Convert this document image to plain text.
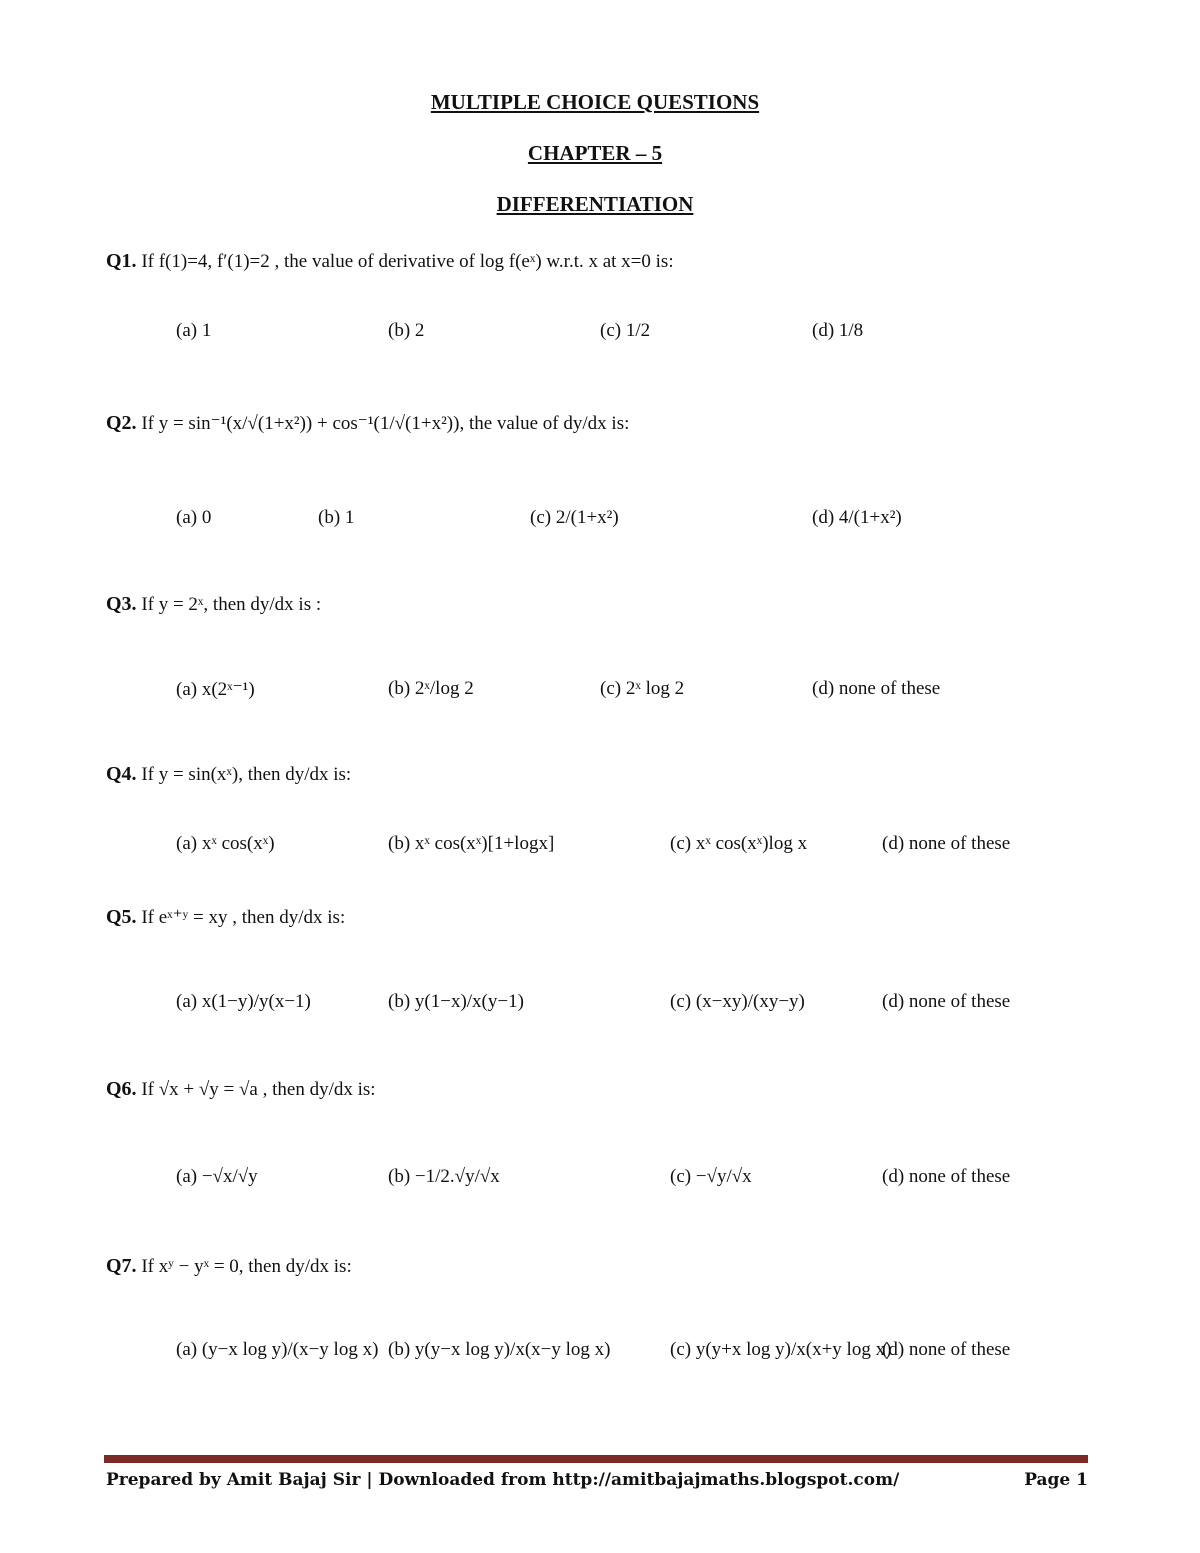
MULTIPLE CHOICE QUESTIONS
CHAPTER – 5
DIFFERENTIATION
Q1. If f(1)=4, f′(1)=2 , the value of derivative of log f(eˣ) w.r.t. x at x=0 is:
(a) 1	(b) 2	(c) 1/2	(d) 1/8
Q2. If y = sin⁻¹(x/√(1+x²)) + cos⁻¹(1/√(1+x²)), the value of dy/dx is:
(a) 0	(b) 1	(c) 2/(1+x²)	(d) 4/(1+x²)
Q3. If y = 2ˣ, then dy/dx is :
(a) x(2ˣ⁻¹)	(b) 2ˣ/log 2	(c) 2ˣ log 2	(d) none of these
Q4. If y = sin(xˣ), then dy/dx is:
(a) xˣ cos(xˣ)	(b) xˣ cos(xˣ)[1+logx]	(c) xˣ cos(xˣ)log x	(d) none of these
Q5. If eˣ⁺ʸ = xy , then dy/dx is:
(a) x(1−y)/y(x−1)	(b) y(1−x)/x(y−1)	(c) (x−xy)/(xy−y)	(d) none of these
Q6. If √x + √y = √a , then dy/dx is:
(a) −√x/√y	(b) −1/2.√y/√x	(c) −√y/√x	(d) none of these
Q7. If xʸ − yˣ = 0, then dy/dx is:
(a) (y−x log y)/(x−y log x) (b) y(y−x log y)/x(x−y log x)	(c) y(y+x log y)/x(x+y log x)
(d) none of these
Prepared by Amit Bajaj Sir | Downloaded from http://amitbajajmaths.blogspot.com/	Page 1
